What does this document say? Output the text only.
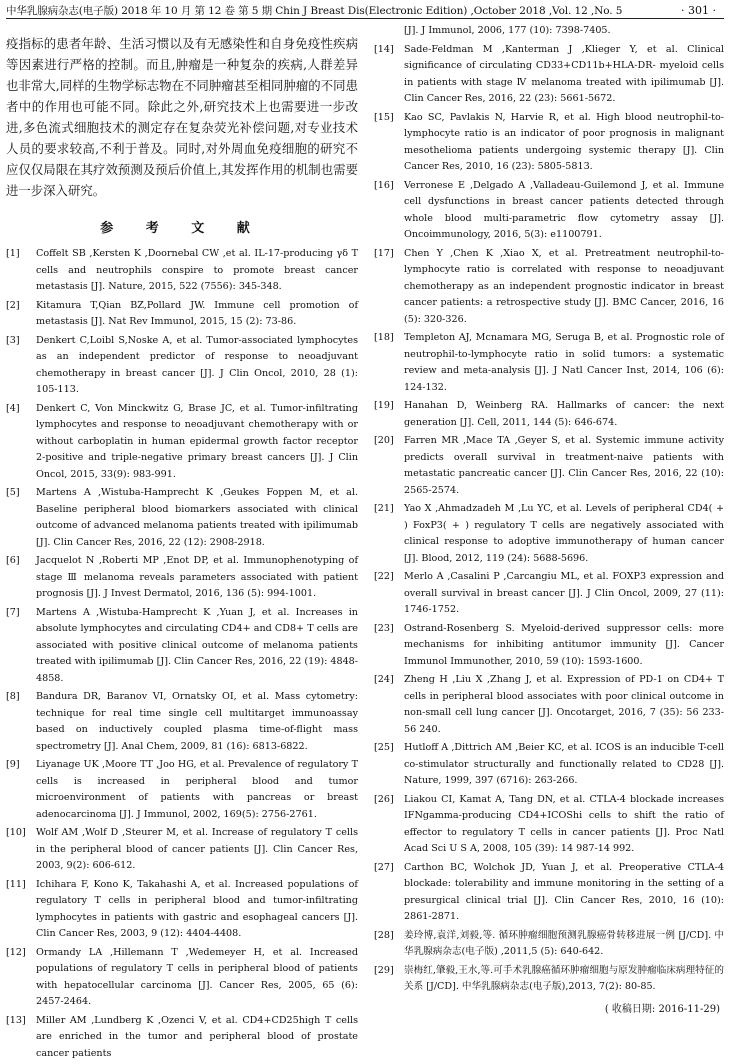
中华乳腺病杂志(电子版) 2018 年 10 月 第 12 卷 第 5 期 Chin J Breast Dis(Electronic Edition) ,October 2018 ,Vol. 12 ,No. 5	· 301 ·

疫指标的患者年龄、生活习惯以及有无感染性和自身免疫性疾病等因素进行严格的控制。而且,肿瘤是一种复杂的疾病,人群差异也非常大,同样的生物学标志物在不同肿瘤甚至相同肿瘤的不同患者中的作用也可能不同。除此之外,研究技术上也需要进一步改进,多色流式细胞技术的测定存在复杂荧光补偿问题,对专业技术人员的要求较高,不利于普及。同时,对外周血免疫细胞的研究不应仅仅局限在其疗效预测及预后价值上,其发挥作用的机制也需要进一步深入研究。

参 考 文 献
[1]	Coffelt SB ,Kersten K ,Doornebal CW ,et al. IL-17-producing γδ T cells and neutrophils conspire to promote breast cancer metastasis [J]. Nature, 2015, 522 (7556): 345-348.
[2]	Kitamura T,Qian BZ,Pollard JW. Immune cell promotion of metastasis [J]. Nat Rev Immunol, 2015, 15 (2): 73-86.
[3]	Denkert C,Loibl S,Noske A, et al. Tumor-associated lymphocytes as an independent predictor of response to neoadjuvant chemotherapy in breast cancer [J]. J Clin Oncol, 2010, 28 (1): 105-113.
[4]	Denkert C, Von Minckwitz G, Brase JC, et al. Tumor-infiltrating lymphocytes and response to neoadjuvant chemotherapy with or without carboplatin in human epidermal growth factor receptor 2-positive and triple-negative primary breast cancers [J]. J Clin Oncol, 2015, 33(9): 983-991.
[5]	Martens A ,Wistuba-Hamprecht K ,Geukes Foppen M, et al. Baseline peripheral blood biomarkers associated with clinical outcome of advanced melanoma patients treated with ipilimumab [J]. Clin Cancer Res, 2016, 22 (12): 2908-2918.
[6]	Jacquelot N ,Roberti MP ,Enot DP, et al. Immunophenotyping of stage Ⅲ melanoma reveals parameters associated with patient prognosis [J]. J Invest Dermatol, 2016, 136 (5): 994-1001.
[7]	Martens A ,Wistuba-Hamprecht K ,Yuan J, et al. Increases in absolute lymphocytes and circulating CD4+ and CD8+ T cells are associated with positive clinical outcome of melanoma patients treated with ipilimumab [J]. Clin Cancer Res, 2016, 22 (19): 4848-4858.
[8]	Bandura DR, Baranov VI, Ornatsky OI, et al. Mass cytometry: technique for real time single cell multitarget immunoassay based on inductively coupled plasma time-of-flight mass spectrometry [J]. Anal Chem, 2009, 81 (16): 6813-6822.
[9]	Liyanage UK ,Moore TT ,Joo HG, et al. Prevalence of regulatory T cells is increased in peripheral blood and tumor microenvironment of patients with pancreas or breast adenocarcinoma [J]. J Immunol, 2002, 169(5): 2756-2761.
[10]	Wolf AM ,Wolf D ,Steurer M, et al. Increase of regulatory T cells in the peripheral blood of cancer patients [J]. Clin Cancer Res, 2003, 9(2): 606-612.
[11]	Ichihara F, Kono K, Takahashi A, et al. Increased populations of regulatory T cells in peripheral blood and tumor-infiltrating lymphocytes in patients with gastric and esophageal cancers [J]. Clin Cancer Res, 2003, 9 (12): 4404-4408.
[12]	Ormandy LA ,Hillemann T ,Wedemeyer H, et al. Increased populations of regulatory T cells in peripheral blood of patients with hepatocellular carcinoma [J]. Cancer Res, 2005, 65 (6): 2457-2464.
[13]	Miller AM ,Lundberg K ,Ozenci V, et al. CD4+CD25high T cells are enriched in the tumor and peripheral blood of prostate cancer patients
[J]. J Immunol, 2006, 177 (10): 7398-7405.
[14]	Sade-Feldman M ,Kanterman J ,Klieger Y, et al. Clinical significance of circulating CD33+CD11b+HLA-DR- myeloid cells in patients with stage Ⅳ melanoma treated with ipilimumab [J]. Clin Cancer Res, 2016, 22 (23): 5661-5672.
[15]	Kao SC, Pavlakis N, Harvie R, et al. High blood neutrophil-to-lymphocyte ratio is an indicator of poor prognosis in malignant mesothelioma patients undergoing systemic therapy [J]. Clin Cancer Res, 2010, 16 (23): 5805-5813.
[16]	Verronese E ,Delgado A ,Valladeau-Guilemond J, et al. Immune cell dysfunctions in breast cancer patients detected through whole blood multi-parametric flow cytometry assay [J]. Oncoimmunology, 2016, 5(3): e1100791.
[17]	Chen Y ,Chen K ,Xiao X, et al. Pretreatment neutrophil-to-lymphocyte ratio is correlated with response to neoadjuvant chemotherapy as an independent prognostic indicator in breast cancer patients: a retrospective study [J]. BMC Cancer, 2016, 16 (5): 320-326.
[18]	Templeton AJ, Mcnamara MG, Seruga B, et al. Prognostic role of neutrophil-to-lymphocyte ratio in solid tumors: a systematic review and meta-analysis [J]. J Natl Cancer Inst, 2014, 106 (6): 124-132.
[19]	Hanahan D, Weinberg RA. Hallmarks of cancer: the next generation [J]. Cell, 2011, 144 (5): 646-674.
[20]	Farren MR ,Mace TA ,Geyer S, et al. Systemic immune activity predicts overall survival in treatment-naive patients with metastatic pancreatic cancer [J]. Clin Cancer Res, 2016, 22 (10): 2565-2574.
[21]	Yao X ,Ahmadzadeh M ,Lu YC, et al. Levels of peripheral CD4( + ) FoxP3( + ) regulatory T cells are negatively associated with clinical response to adoptive immunotherapy of human cancer [J]. Blood, 2012, 119 (24): 5688-5696.
[22]	Merlo A ,Casalini P ,Carcangiu ML, et al. FOXP3 expression and overall survival in breast cancer [J]. J Clin Oncol, 2009, 27 (11): 1746-1752.
[23]	Ostrand-Rosenberg S. Myeloid-derived suppressor cells: more mechanisms for inhibiting antitumor immunity [J]. Cancer Immunol Immunother, 2010, 59 (10): 1593-1600.
[24]	Zheng H ,Liu X ,Zhang J, et al. Expression of PD-1 on CD4+ T cells in peripheral blood associates with poor clinical outcome in non-small cell lung cancer [J]. Oncotarget, 2016, 7 (35): 56 233-56 240.
[25]	Hutloff A ,Dittrich AM ,Beier KC, et al. ICOS is an inducible T-cell co-stimulator structurally and functionally related to CD28 [J]. Nature, 1999, 397 (6716): 263-266.
[26]	Liakou CI, Kamat A, Tang DN, et al. CTLA-4 blockade increases IFNgamma-producing CD4+ICOShi cells to shift the ratio of effector to regulatory T cells in cancer patients [J]. Proc Natl Acad Sci U S A, 2008, 105 (39): 14 987-14 992.
[27]	Carthon BC, Wolchok JD, Yuan J, et al. Preoperative CTLA-4 blockade: tolerability and immune monitoring in the setting of a presurgical clinical trial [J]. Clin Cancer Res, 2010, 16 (10): 2861-2871.
[28]	姜玲博,袁洋,刘毅,等. 循环肿瘤细胞预测乳腺癌骨转移进展一例 [J/CD]. 中华乳腺病杂志(电子版) ,2011,5 (5): 640-642.
[29]	崇梅红,肇毅,王水,等.可手术乳腺癌循环肿瘤细胞与原发肿瘤临床病理特征的关系 [J/CD]. 中华乳腺病杂志(电子版),2013, 7(2): 80-85.
( 收稿日期: 2016-11-29)
